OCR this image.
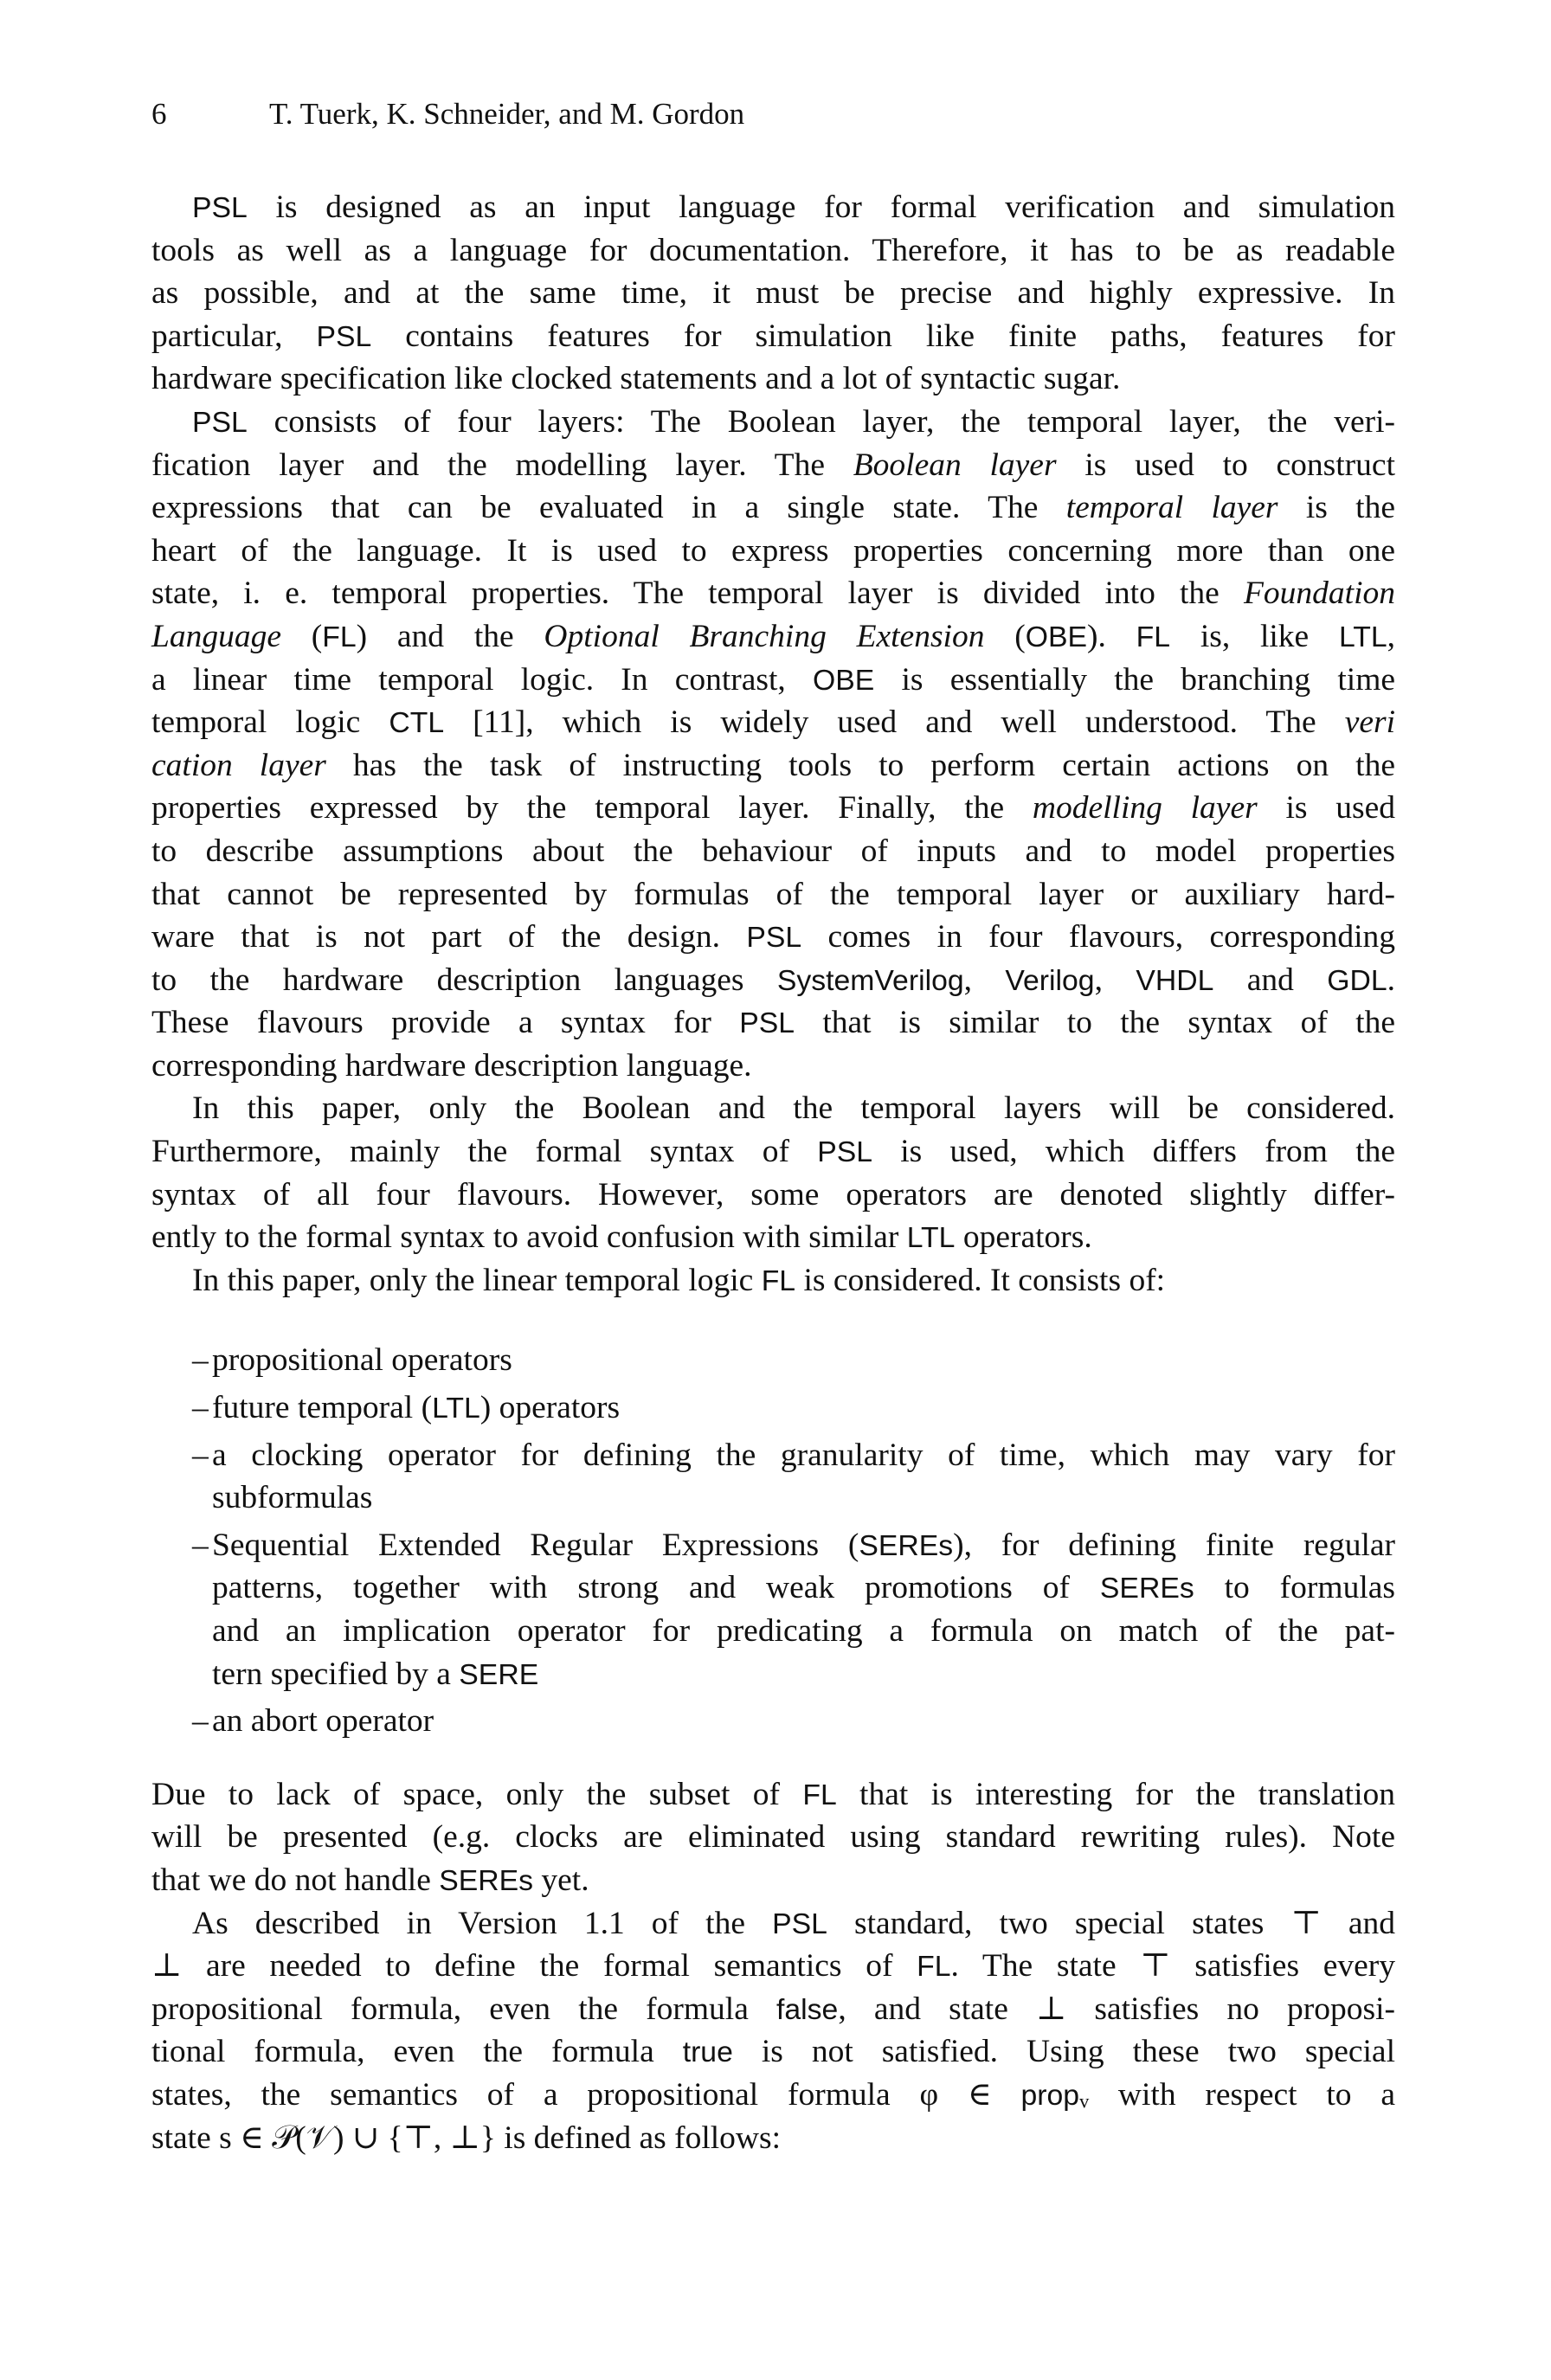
6	T. Tuerk, K. Schneider, and M. Gordon
PSL is designed as an input language for formal verification and simulation
tools as well as a language for documentation. Therefore, it has to be as readable
as possible, and at the same time, it must be precise and highly expressive. In
particular, PSL contains features for simulation like finite paths, features for
hardware specification like clocked statements and a lot of syntactic sugar.
PSL consists of four layers: The Boolean layer, the temporal layer, the veri-
fication layer and the modelling layer. The Boolean layer is used to construct
expressions that can be evaluated in a single state. The temporal layer is the
heart of the language. It is used to express properties concerning more than one
state, i. e. temporal properties. The temporal layer is divided into the Foundation
Language (FL) and the Optional Branching Extension (OBE). FL is, like LTL,
a linear time temporal logic. In contrast, OBE is essentially the branching time
temporal logic CTL [11], which is widely used and well understood. The veri
cation layer has the task of instructing tools to perform certain actions on the
properties expressed by the temporal layer. Finally, the modelling layer is used
to describe assumptions about the behaviour of inputs and to model properties
that cannot be represented by formulas of the temporal layer or auxiliary hard-
ware that is not part of the design. PSL comes in four flavours, corresponding
to the hardware description languages SystemVerilog, Verilog, VHDL and GDL.
These flavours provide a syntax for PSL that is similar to the syntax of the
corresponding hardware description language.
In this paper, only the Boolean and the temporal layers will be considered.
Furthermore, mainly the formal syntax of PSL is used, which differs from the
syntax of all four flavours. However, some operators are denoted slightly differ-
ently to the formal syntax to avoid confusion with similar LTL operators.
In this paper, only the linear temporal logic FL is considered. It consists of:
– propositional operators
– future temporal (LTL) operators
– a clocking operator for defining the granularity of time, which may vary for
subformulas
– Sequential Extended Regular Expressions (SEREs), for defining finite regular
patterns, together with strong and weak promotions of SEREs to formulas
and an implication operator for predicating a formula on match of the pat-
tern specified by a SERE
– an abort operator
Due to lack of space, only the subset of FL that is interesting for the translation
will be presented (e.g. clocks are eliminated using standard rewriting rules). Note
that we do not handle SEREs yet.
As described in Version 1.1 of the PSL standard, two special states ⊤ and
⊥ are needed to define the formal semantics of FL. The state ⊤ satisfies every
propositional formula, even the formula false, and state ⊥ satisfies no proposi-
tional formula, even the formula true is not satisfied. Using these two special
states, the semantics of a propositional formula φ ∈ propᵥ with respect to a
state s ∈ 𝒫(𝒱) ∪ {⊤, ⊥} is defined as follows:
